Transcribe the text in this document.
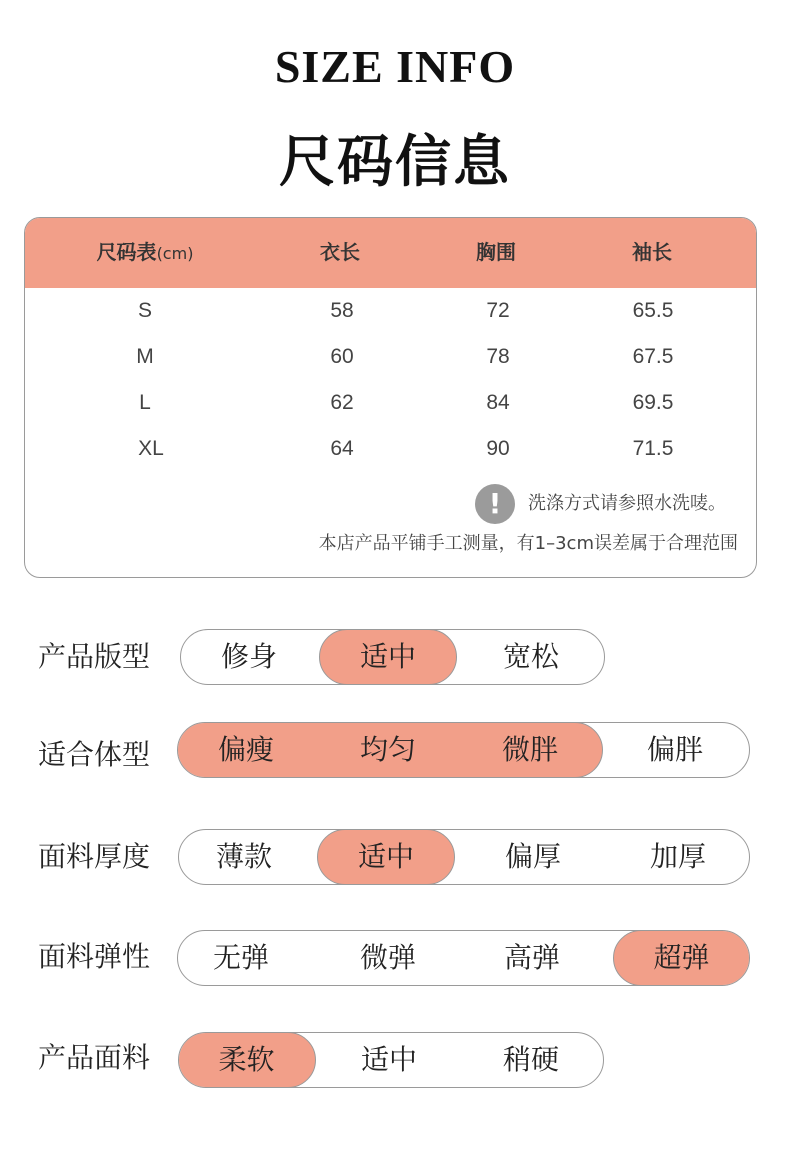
SIZE INFO
尺码信息
尺码表(cm)	衣长	胸围	袖长
S	58	72	65.5
M	60	78	67.5
L	62	84	69.5
XL	64	90	71.5
!	洗涤方式请参照水洗唛。
本店产品平铺手工测量，有1–3cm误差属于合理范围
产品版型	修身	适中	宽松
适合体型	偏瘦	均匀	微胖	偏胖
面料厚度	薄款	适中	偏厚	加厚
面料弹性	无弹	微弹	高弹	超弹
产品面料	柔软	适中	稍硬
